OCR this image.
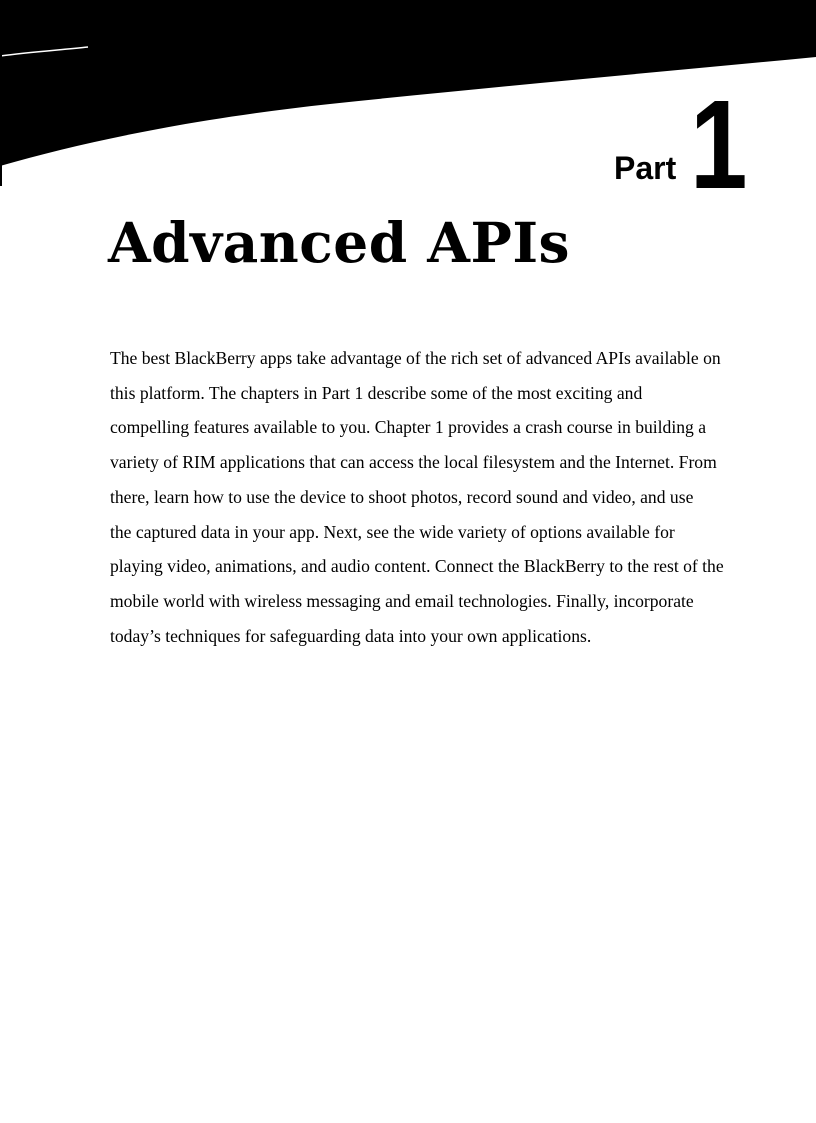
Part 1
Advanced APIs

The best BlackBerry apps take advantage of the rich set of advanced APIs available on
this platform. The chapters in Part 1 describe some of the most exciting and
compelling features available to you. Chapter 1 provides a crash course in building a
variety of RIM applications that can access the local filesystem and the Internet. From
there, learn how to use the device to shoot photos, record sound and video, and use
the captured data in your app. Next, see the wide variety of options available for
playing video, animations, and audio content. Connect the BlackBerry to the rest of the
mobile world with wireless messaging and email technologies. Finally, incorporate
today’s techniques for safeguarding data into your own applications.
